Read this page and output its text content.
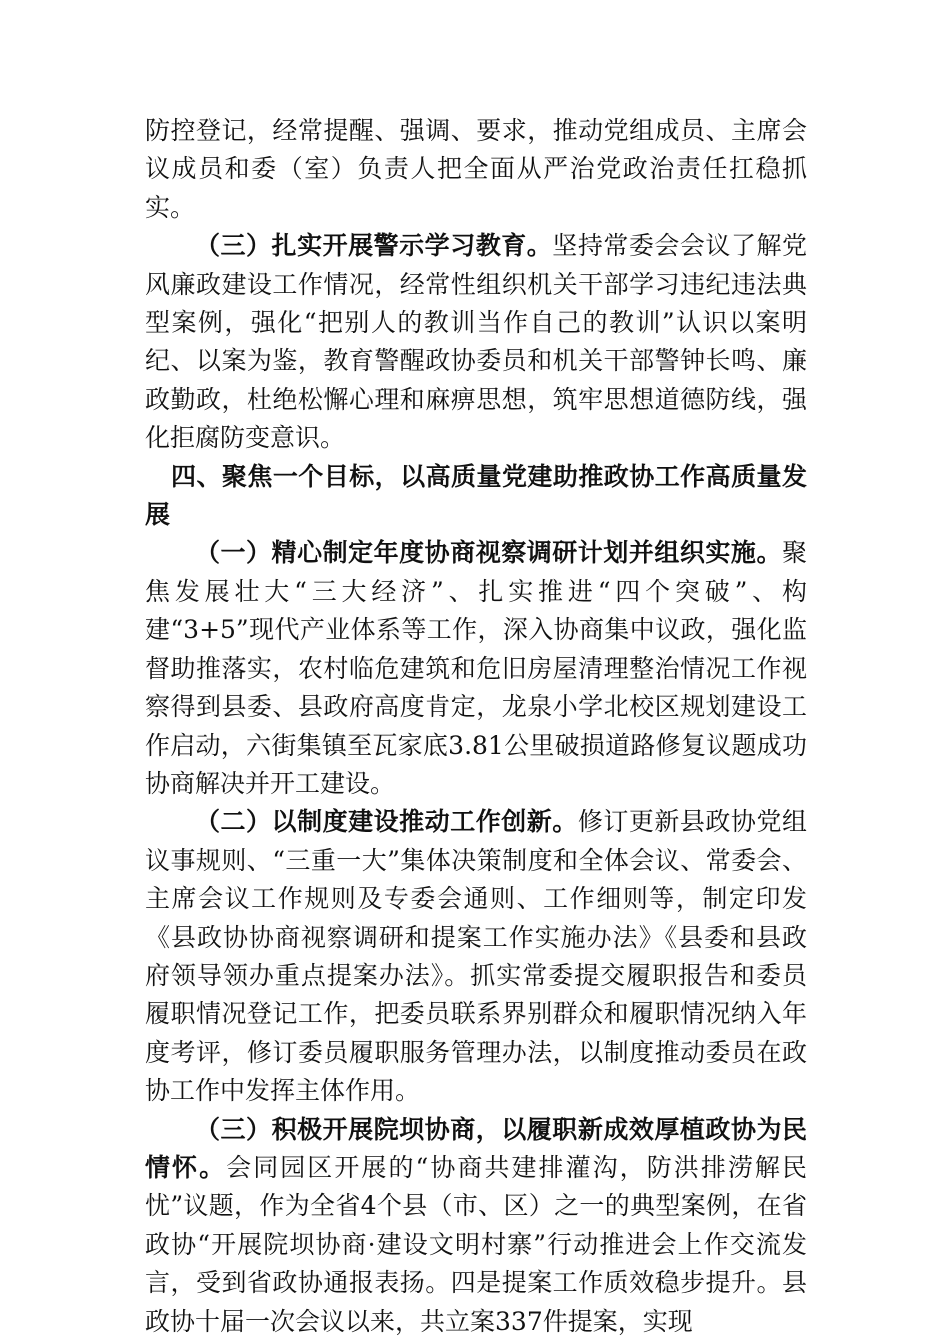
防控登记，经常提醒、强调、要求，推动党组成员、主席会议成员和委（室）负责人把全面从严治党政治责任扛稳抓实。

（三）扎实开展警示学习教育。坚持常委会会议了解党风廉政建设工作情况，经常性组织机关干部学习违纪违法典型案例，强化“把别人的教训当作自己的教训”认识以案明纪、以案为鉴，教育警醒政协委员和机关干部警钟长鸣、廉政勤政，杜绝松懈心理和麻痹思想，筑牢思想道德防线，强化拒腐防变意识。

四、聚焦一个目标，以高质量党建助推政协工作高质量发展

（一）精心制定年度协商视察调研计划并组织实施。聚焦发展壮大“三大经济”、扎实推进“四个突破”、构建“3+5”现代产业体系等工作，深入协商集中议政，强化监督助推落实，农村临危建筑和危旧房屋清理整治情况工作视察得到县委、县政府高度肯定，龙泉小学北校区规划建设工作启动，六街集镇至瓦家底3.81公里破损道路修复议题成功协商解决并开工建设。

（二）以制度建设推动工作创新。修订更新县政协党组议事规则、“三重一大”集体决策制度和全体会议、常委会、主席会议工作规则及专委会通则、工作细则等，制定印发《县政协协商视察调研和提案工作实施办法》《县委和县政府领导领办重点提案办法》。抓实常委提交履职报告和委员履职情况登记工作，把委员联系界别群众和履职情况纳入年度考评，修订委员履职服务管理办法，以制度推动委员在政协工作中发挥主体作用。

（三）积极开展院坝协商，以履职新成效厚植政协为民情怀。会同园区开展的“协商共建排灌沟，防洪排涝解民忧”议题，作为全省4个县（市、区）之一的典型案例，在省政协“开展院坝协商·建设文明村寨”行动推进会上作交流发言，受到省政协通报表扬。四是提案工作质效稳步提升。县政协十届一次会议以来，共立案337件提案，实现
